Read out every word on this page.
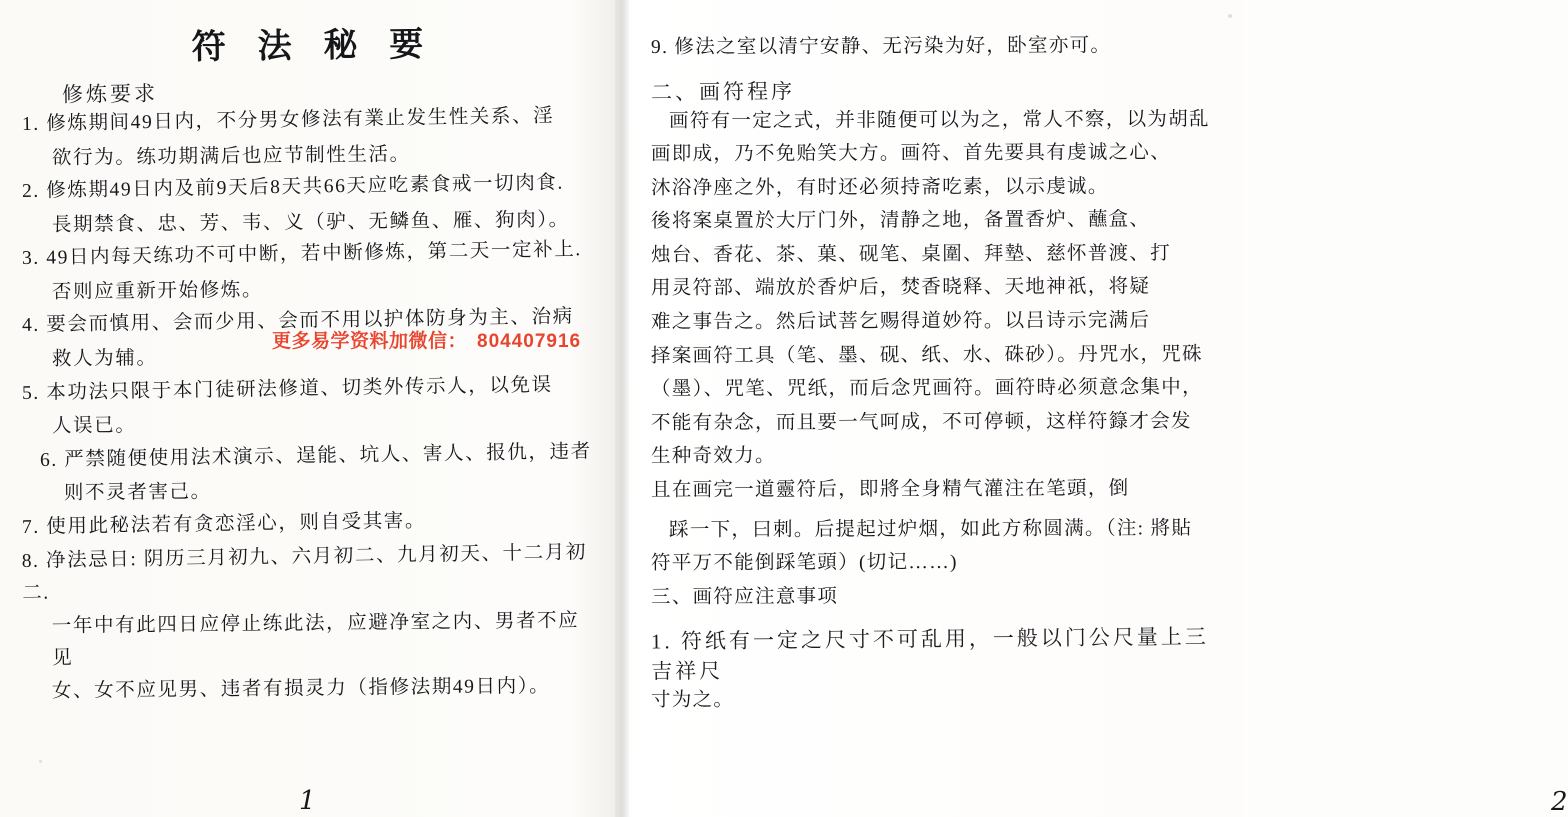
符 法 秘 要
修炼要求
1. 修炼期间49日内，不分男女修法有業止发生性关系、淫
欲行为。练功期满后也应节制性生活。
2. 修炼期49日内及前9天后8天共66天应吃素食戒一切肉食.
長期禁食、忠、芳、韦、义（驴、无鳞鱼、雁、狗肉）。
3. 49日内每天练功不可中断，若中断修炼，第二天一定补上.
否则应重新开始修炼。
4. 要会而慎用、会而少用、会而不用以护体防身为主、治病
救人为辅。
5. 本功法只限于本门徒研法修道、切类外传示人，以免误
人误已。
6. 严禁随便使用法术演示、逞能、坑人、害人、报仇，违者
则不灵者害己。
7. 使用此秘法若有贪恋淫心，则自受其害。
8. 净法忌日: 阴历三月初九、六月初二、九月初天、十二月初二.
一年中有此四日应停止练此法，应避净室之内、男者不应见
女、女不应见男、违者有损灵力（指修法期49日内）。
更多易学资料加微信： 804407916
1
9. 修法之室以清宁安静、无污染为好，卧室亦可。
二、画符程序
画符有一定之式，并非随便可以为之，常人不察，以为胡乱
画即成，乃不免贻笑大方。画符、首先要具有虔诚之心、
沐浴净座之外，有时还必须持斋吃素，以示虔诚。
後将案桌置於大厅门外，清静之地，备置香炉、蘸盒、
烛台、香花、茶、菓、砚笔、桌圍、拜墊、慈怀普渡、打
用灵符部、端放於香炉后，焚香晓释、天地神祇，将疑
难之事告之。然后试菩乞赐得道妙符。以吕诗示完满后
择案画符工具（笔、墨、砚、纸、水、硃砂）。丹咒水，咒硃
（墨）、咒笔、咒纸，而后念咒画符。画符時必须意念集中，
不能有杂念，而且要一气呵成，不可停顿，这样符籙才会发
生种奇效力。
且在画完一道靈符后，即將全身精气灌注在笔頭，倒
踩一下，曰刺。后提起过炉烟，如此方称圆满。（注: 將貼
符平万不能倒踩笔頭）(切记……)
三、画符应注意事项
1. 符纸有一定之尺寸不可乱用，一般以门公尺量上三吉祥尺
寸为之。
2
